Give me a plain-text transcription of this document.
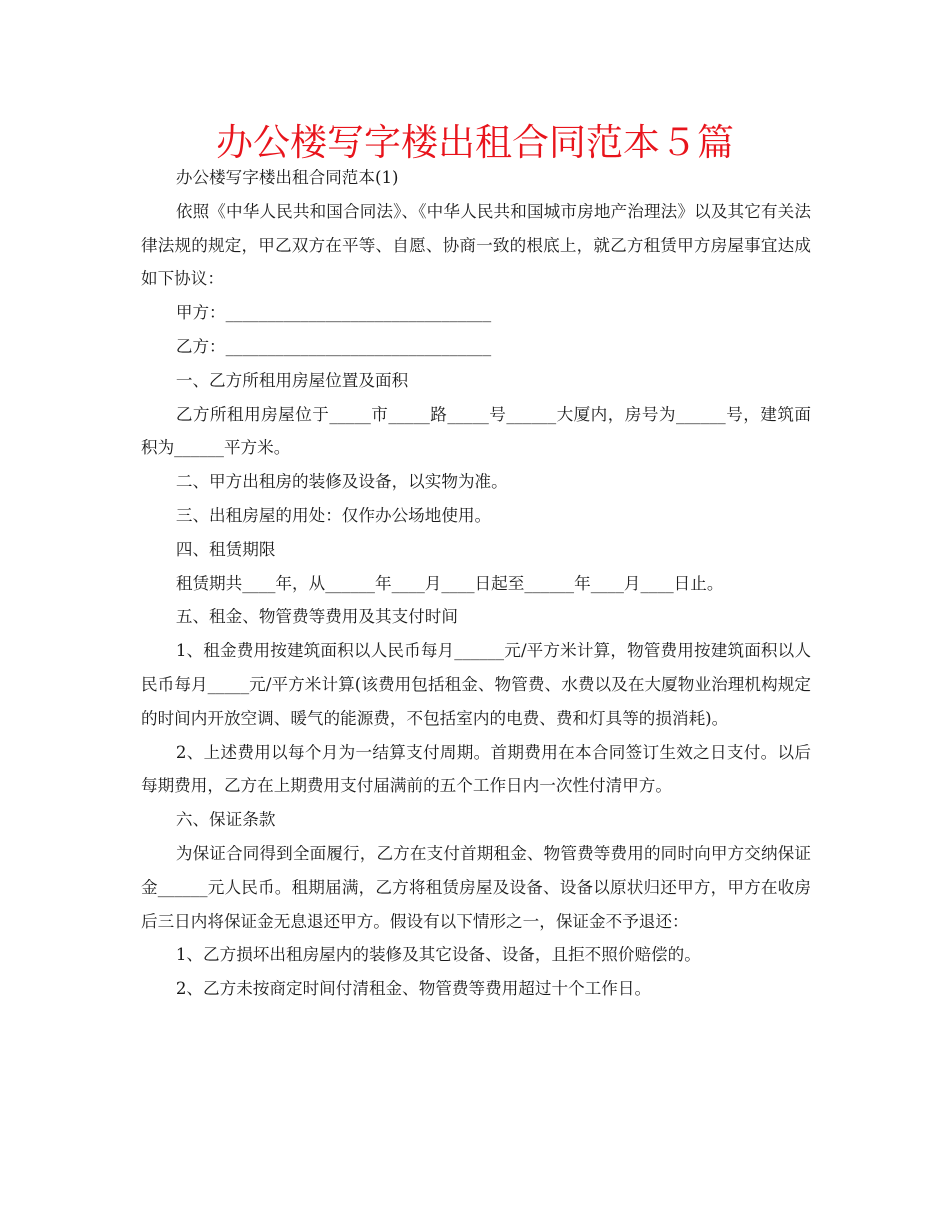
办公楼写字楼出租合同范本５篇

办公楼写字楼出租合同范本(1)

依照《中华人民共和国合同法》、《中华人民共和国城市房地产治理法》以及其它有关法律法规的规定，甲乙双方在平等、自愿、协商一致的根底上，就乙方租赁甲方房屋事宜达成如下协议：

甲方：________________________________

乙方：________________________________

一、乙方所租用房屋位置及面积

乙方所租用房屋位于_____市_____路_____号______大厦内，房号为______号，建筑面积为______平方米。

二、甲方出租房的装修及设备，以实物为准。

三、出租房屋的用处：仅作办公场地使用。

四、租赁期限

租赁期共____年，从______年____月____日起至______年____月____日止。

五、租金、物管费等费用及其支付时间

1、租金费用按建筑面积以人民币每月______元/平方米计算，物管费用按建筑面积以人民币每月_____元/平方米计算(该费用包括租金、物管费、水费以及在大厦物业治理机构规定的时间内开放空调、暖气的能源费，不包括室内的电费、费和灯具等的损消耗)。

2、上述费用以每个月为一结算支付周期。首期费用在本合同签订生效之日支付。以后每期费用，乙方在上期费用支付届满前的五个工作日内一次性付清甲方。

六、保证条款

为保证合同得到全面履行，乙方在支付首期租金、物管费等费用的同时向甲方交纳保证金______元人民币。租期届满，乙方将租赁房屋及设备、设备以原状归还甲方，甲方在收房后三日内将保证金无息退还甲方。假设有以下情形之一，保证金不予退还：

1、乙方损坏出租房屋内的装修及其它设备、设备，且拒不照价赔偿的。

2、乙方未按商定时间付清租金、物管费等费用超过十个工作日。
